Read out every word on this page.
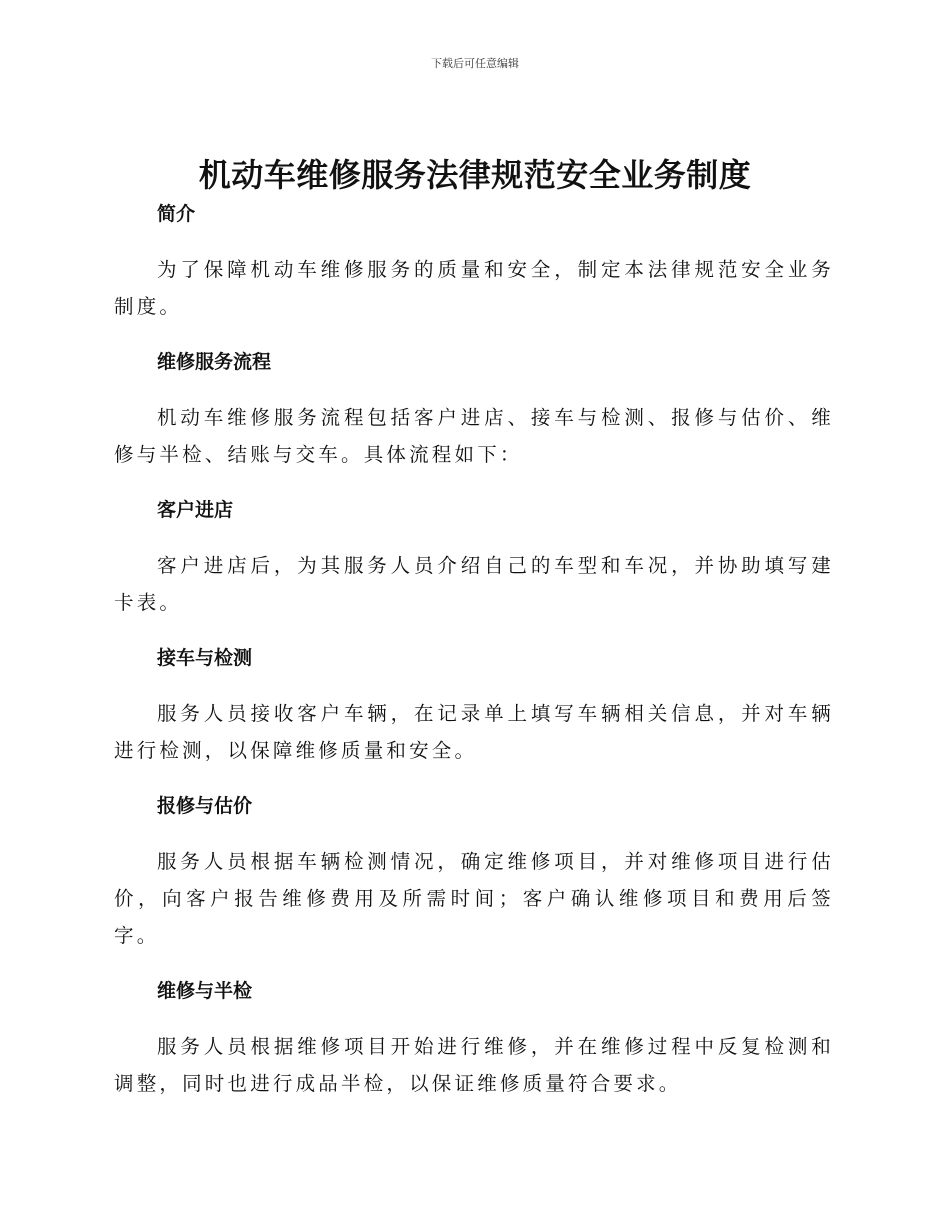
下载后可任意编辑
机动车维修服务法律规范安全业务制度
简介

为了保障机动车维修服务的质量和安全，制定本法律规范安全业务制度。

维修服务流程

机动车维修服务流程包括客户进店、接车与检测、报修与估价、维修与半检、结账与交车。具体流程如下：

客户进店

客户进店后，为其服务人员介绍自己的车型和车况，并协助填写建卡表。

接车与检测

服务人员接收客户车辆，在记录单上填写车辆相关信息，并对车辆进行检测，以保障维修质量和安全。

报修与估价

服务人员根据车辆检测情况，确定维修项目，并对维修项目进行估价，向客户报告维修费用及所需时间；客户确认维修项目和费用后签字。

维修与半检

服务人员根据维修项目开始进行维修，并在维修过程中反复检测和调整，同时也进行成品半检，以保证维修质量符合要求。
